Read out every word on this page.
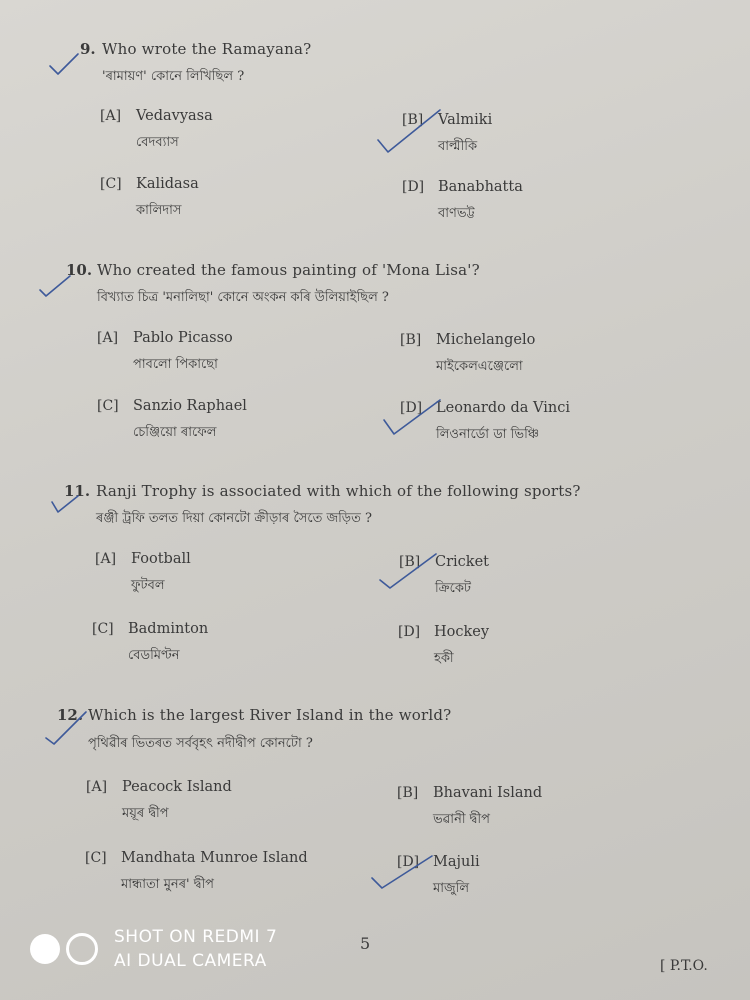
9. Who wrote the Ramayana?
'ৰামায়ণ' কোনে লিখিছিল ?
[A] Vedavyasa
বেদব্যাস
[B] Valmiki
বাল্মীকি
[C] Kalidasa
কালিদাস
[D] Banabhatta
বাণভট্ট
10. Who created the famous painting of 'Mona Lisa'?
বিখ্যাত চিত্ৰ 'মনালিছা' কোনে অংকন কৰি উলিয়াইছিল ?
[A] Pablo Picasso
পাবলো পিকাছো
[B] Michelangelo
মাইকেলএঞ্জেলো
[C] Sanzio Raphael
চেঞ্জিয়ো ৰাফেল
[D] Leonardo da Vinci
লিওনাৰ্ডো ডা ভিঞ্চি
11. Ranji Trophy is associated with which of the following sports?
ৰঞ্জী ট্ৰফি তলত দিয়া কোনটো ক্ৰীড়াৰ সৈতে জড়িত ?
[A] Football
ফুটবল
[B] Cricket
ক্ৰিকেট
[C] Badminton
বেডমিণ্টন
[D] Hockey
হকী
12. Which is the largest River Island in the world?
পৃথিৱীৰ ভিতৰত সৰ্ববৃহৎ নদীদ্বীপ কোনটো ?
[A] Peacock Island
ময়ূৰ দ্বীপ
[B] Bhavani Island
ভৱানী দ্বীপ
[C] Mandhata Munroe Island
মান্ধাতা মুনৰ' দ্বীপ
[D] Majuli
মাজুলি
5
[ P.T.O.
SHOT ON REDMI 7
AI DUAL CAMERA
